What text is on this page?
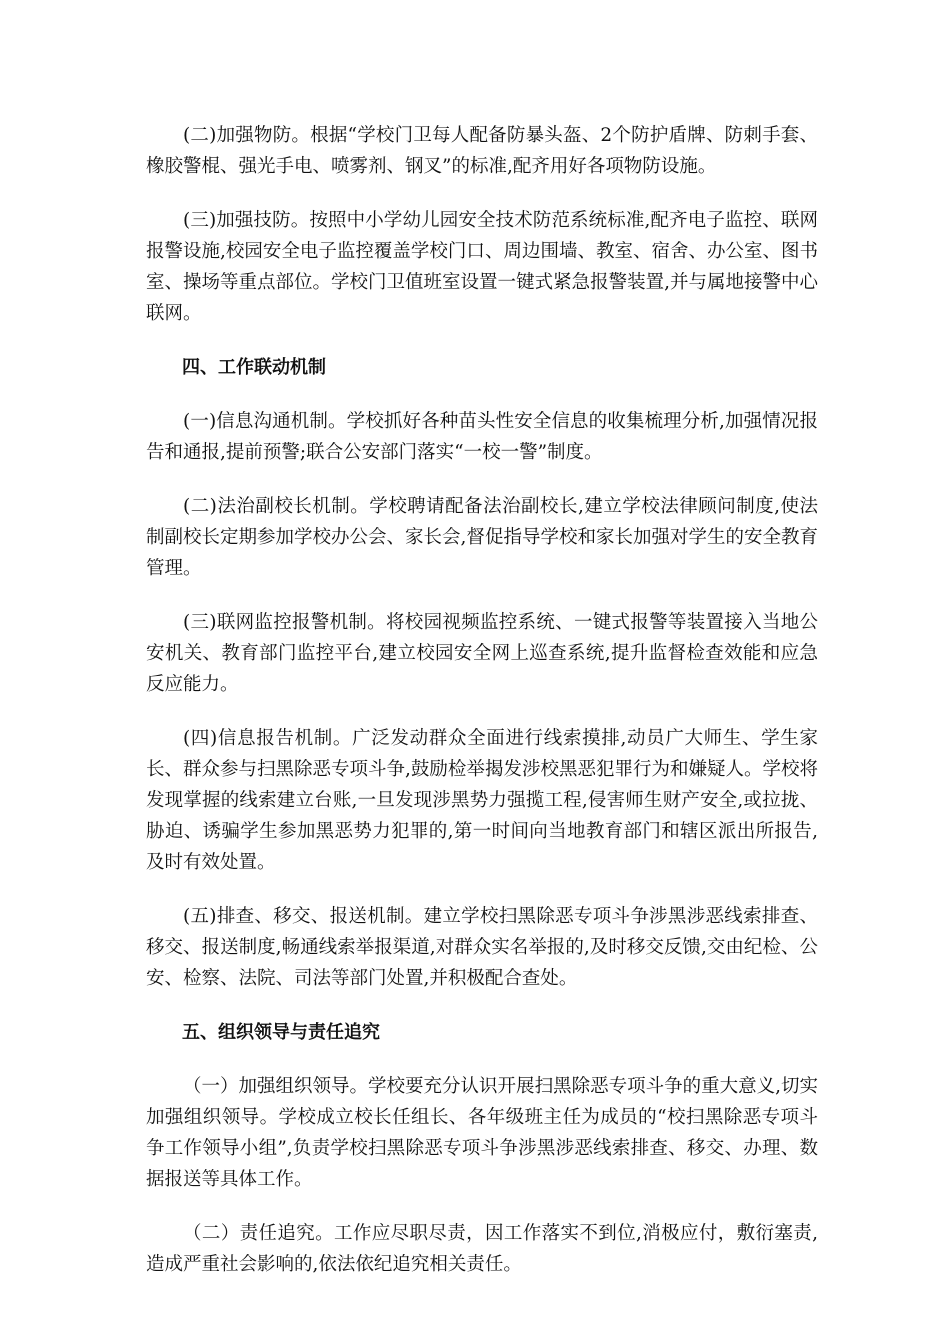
(二)加强物防。根据“学校门卫每人配备防暴头盔、2个防护盾牌、防刺手套、橡胶警棍、强光手电、喷雾剂、钢叉”的标准,配齐用好各项物防设施。

(三)加强技防。按照中小学幼儿园安全技术防范系统标准,配齐电子监控、联网报警设施,校园安全电子监控覆盖学校门口、周边围墙、教室、宿舍、办公室、图书室、操场等重点部位。学校门卫值班室设置一键式紧急报警装置,并与属地接警中心联网。

四、工作联动机制

(一)信息沟通机制。学校抓好各种苗头性安全信息的收集梳理分析,加强情况报告和通报,提前预警;联合公安部门落实“一校一警”制度。

(二)法治副校长机制。学校聘请配备法治副校长,建立学校法律顾问制度,使法制副校长定期参加学校办公会、家长会,督促指导学校和家长加强对学生的安全教育管理。

(三)联网监控报警机制。将校园视频监控系统、一键式报警等装置接入当地公安机关、教育部门监控平台,建立校园安全网上巡查系统,提升监督检查效能和应急反应能力。

(四)信息报告机制。广泛发动群众全面进行线索摸排,动员广大师生、学生家长、群众参与扫黑除恶专项斗争,鼓励检举揭发涉校黑恶犯罪行为和嫌疑人。学校将发现掌握的线索建立台账,一旦发现涉黑势力强揽工程,侵害师生财产安全,或拉拢、胁迫、诱骗学生参加黑恶势力犯罪的,第一时间向当地教育部门和辖区派出所报告,及时有效处置。

(五)排查、移交、报送机制。建立学校扫黑除恶专项斗争涉黑涉恶线索排查、移交、报送制度,畅通线索举报渠道,对群众实名举报的,及时移交反馈,交由纪检、公安、检察、法院、司法等部门处置,并积极配合查处。

五、组织领导与责任追究

（一）加强组织领导。学校要充分认识开展扫黑除恶专项斗争的重大意义,切实加强组织领导。学校成立校长任组长、各年级班主任为成员的“校扫黑除恶专项斗争工作领导小组”,负责学校扫黑除恶专项斗争涉黑涉恶线索排查、移交、办理、数据报送等具体工作。

（二）责任追究。工作应尽职尽责，因工作落实不到位,消极应付，敷衍塞责,造成严重社会影响的,依法依纪追究相关责任。
